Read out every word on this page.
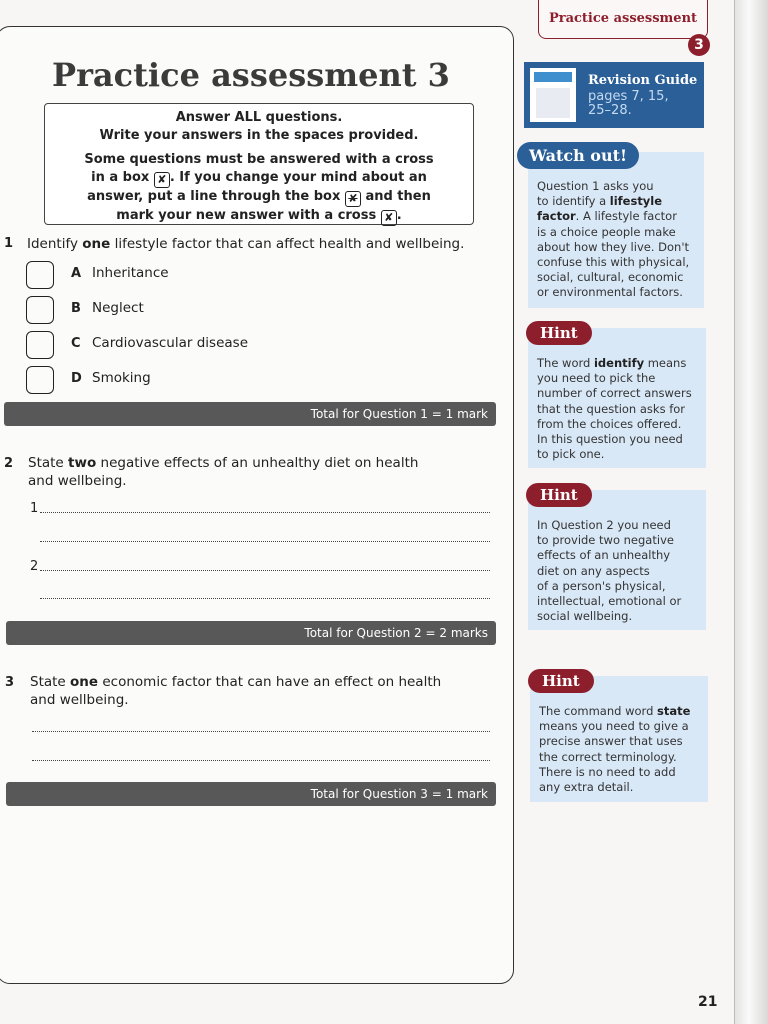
Practice assessment
3
Practice assessment 3
Answer ALL questions.
Write your answers in the spaces provided.
Some questions must be answered with a cross
in a box ✘ . If you change your mind about an
answer, put a line through the box ✘ and then
mark your new answer with a cross ✘ .
1 Identify one lifestyle factor that can affect health and wellbeing.
A Inheritance
B Neglect
C Cardiovascular disease
D Smoking
Total for Question 1 = 1 mark
2 State two negative effects of an unhealthy diet on health
and wellbeing.
1
2
Total for Question 2 = 2 marks
3 State one economic factor that can have an effect on health
and wellbeing.
Total for Question 3 = 1 mark
Revision Guide
pages 7, 15,
25–28.
Question 1 asks you
to identify a lifestyle
factor. A lifestyle factor
is a choice people make
about how they live. Don't
confuse this with physical,
social, cultural, economic
or environmental factors.
Watch out!
The word identify means
you need to pick the
number of correct answers
that the question asks for
from the choices offered.
In this question you need
to pick one.
Hint
In Question 2 you need
to provide two negative
effects of an unhealthy
diet on any aspects
of a person's physical,
intellectual, emotional or
social wellbeing.
Hint
The command word state
means you need to give a
precise answer that uses
the correct terminology.
There is no need to add
any extra detail.
Hint
21
